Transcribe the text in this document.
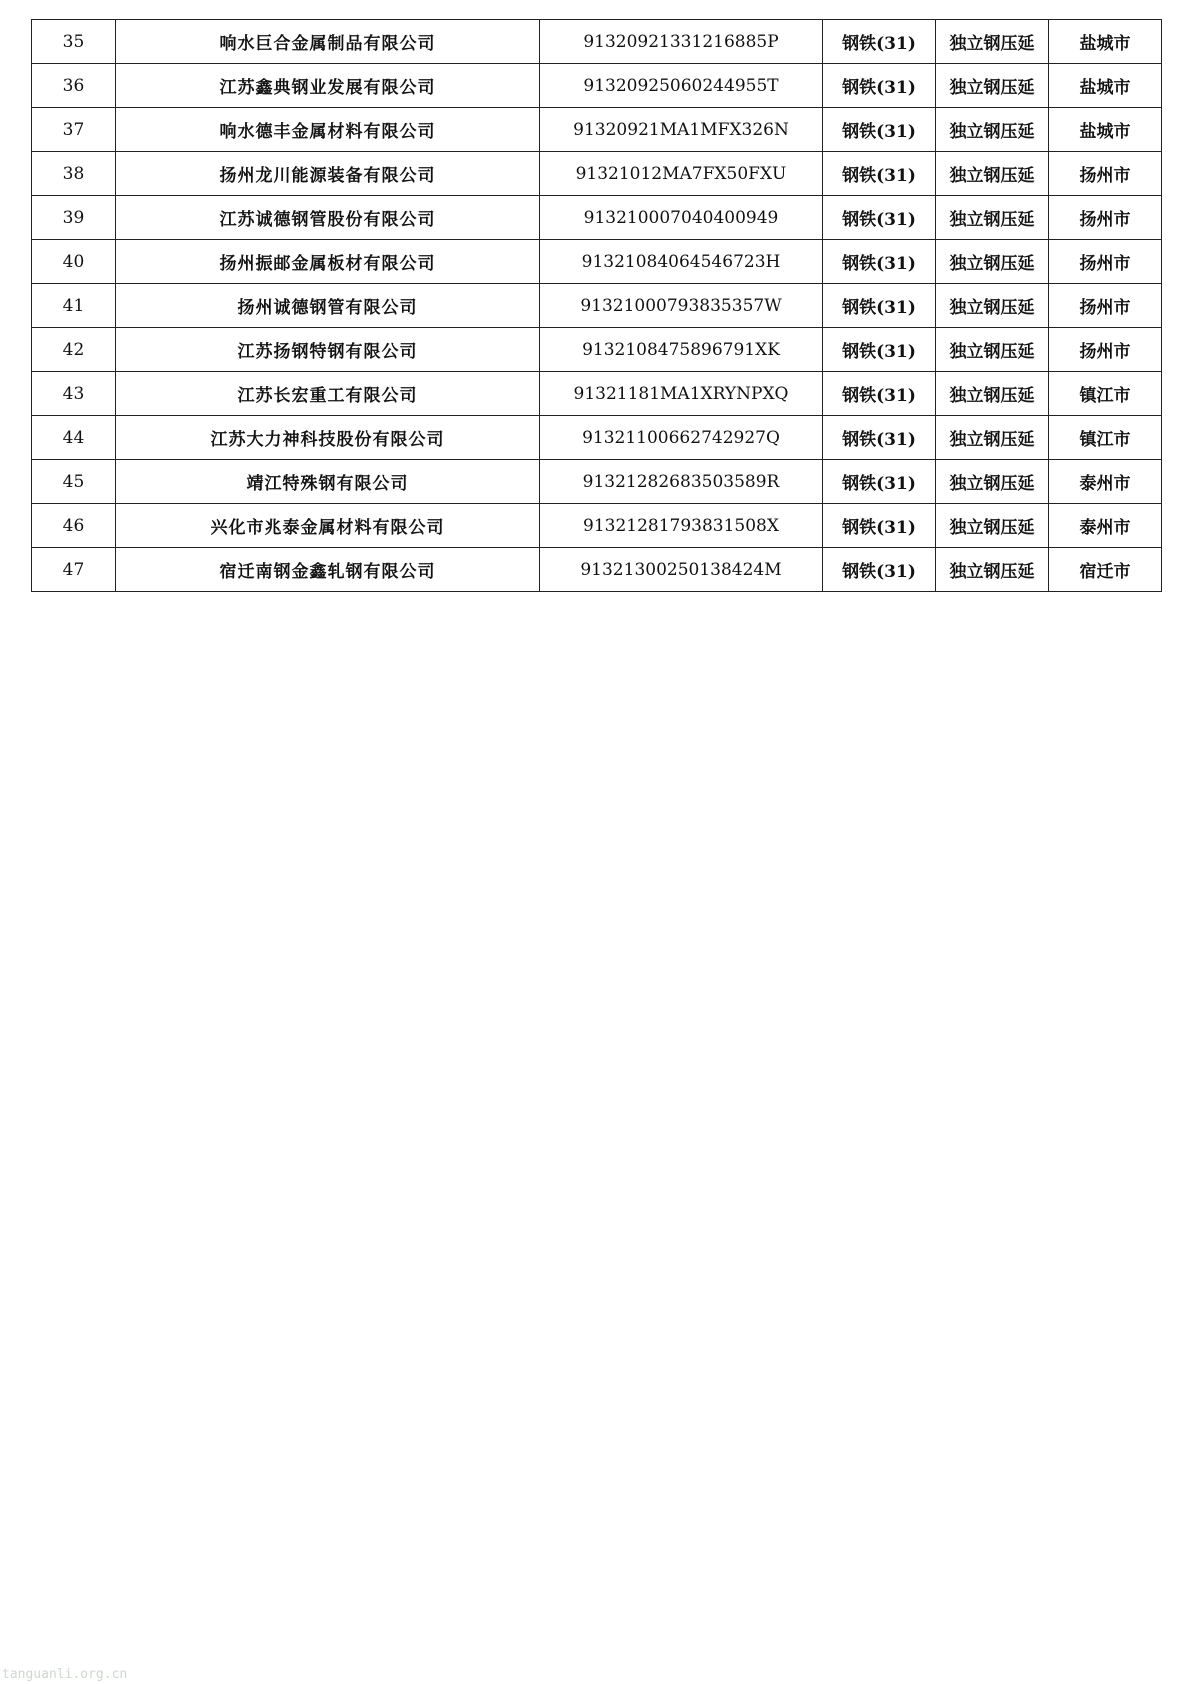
35	响水巨合金属制品有限公司	91320921331216885P	钢铁(31)	独立钢压延	盐城市
36	江苏鑫典钢业发展有限公司	91320925060244955T	钢铁(31)	独立钢压延	盐城市
37	响水德丰金属材料有限公司	91320921MA1MFX326N	钢铁(31)	独立钢压延	盐城市
38	扬州龙川能源装备有限公司	91321012MA7FX50FXU	钢铁(31)	独立钢压延	扬州市
39	江苏诚德钢管股份有限公司	913210007040400949	钢铁(31)	独立钢压延	扬州市
40	扬州振邮金属板材有限公司	91321084064546723H	钢铁(31)	独立钢压延	扬州市
41	扬州诚德钢管有限公司	91321000793835357W	钢铁(31)	独立钢压延	扬州市
42	江苏扬钢特钢有限公司	9132108475896791XK	钢铁(31)	独立钢压延	扬州市
43	江苏长宏重工有限公司	91321181MA1XRYNPXQ	钢铁(31)	独立钢压延	镇江市
44	江苏大力神科技股份有限公司	91321100662742927Q	钢铁(31)	独立钢压延	镇江市
45	靖江特殊钢有限公司	91321282683503589R	钢铁(31)	独立钢压延	泰州市
46	兴化市兆泰金属材料有限公司	91321281793831508X	钢铁(31)	独立钢压延	泰州市
47	宿迁南钢金鑫轧钢有限公司	91321300250138424M	钢铁(31)	独立钢压延	宿迁市
tanguanli.org.cn
